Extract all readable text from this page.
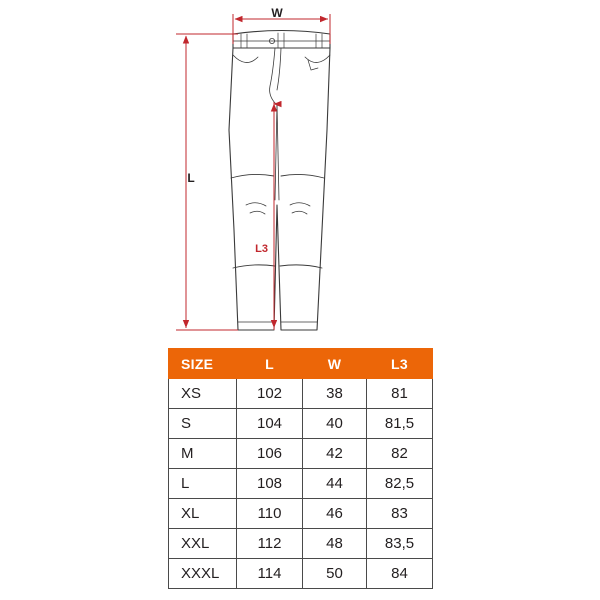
W
L
L3
SIZE	L	W	L3
XS	102	38	81
S	104	40	81,5
M	106	42	82
L	108	44	82,5
XL	110	46	83
XXL	112	48	83,5
XXXL	114	50	84
